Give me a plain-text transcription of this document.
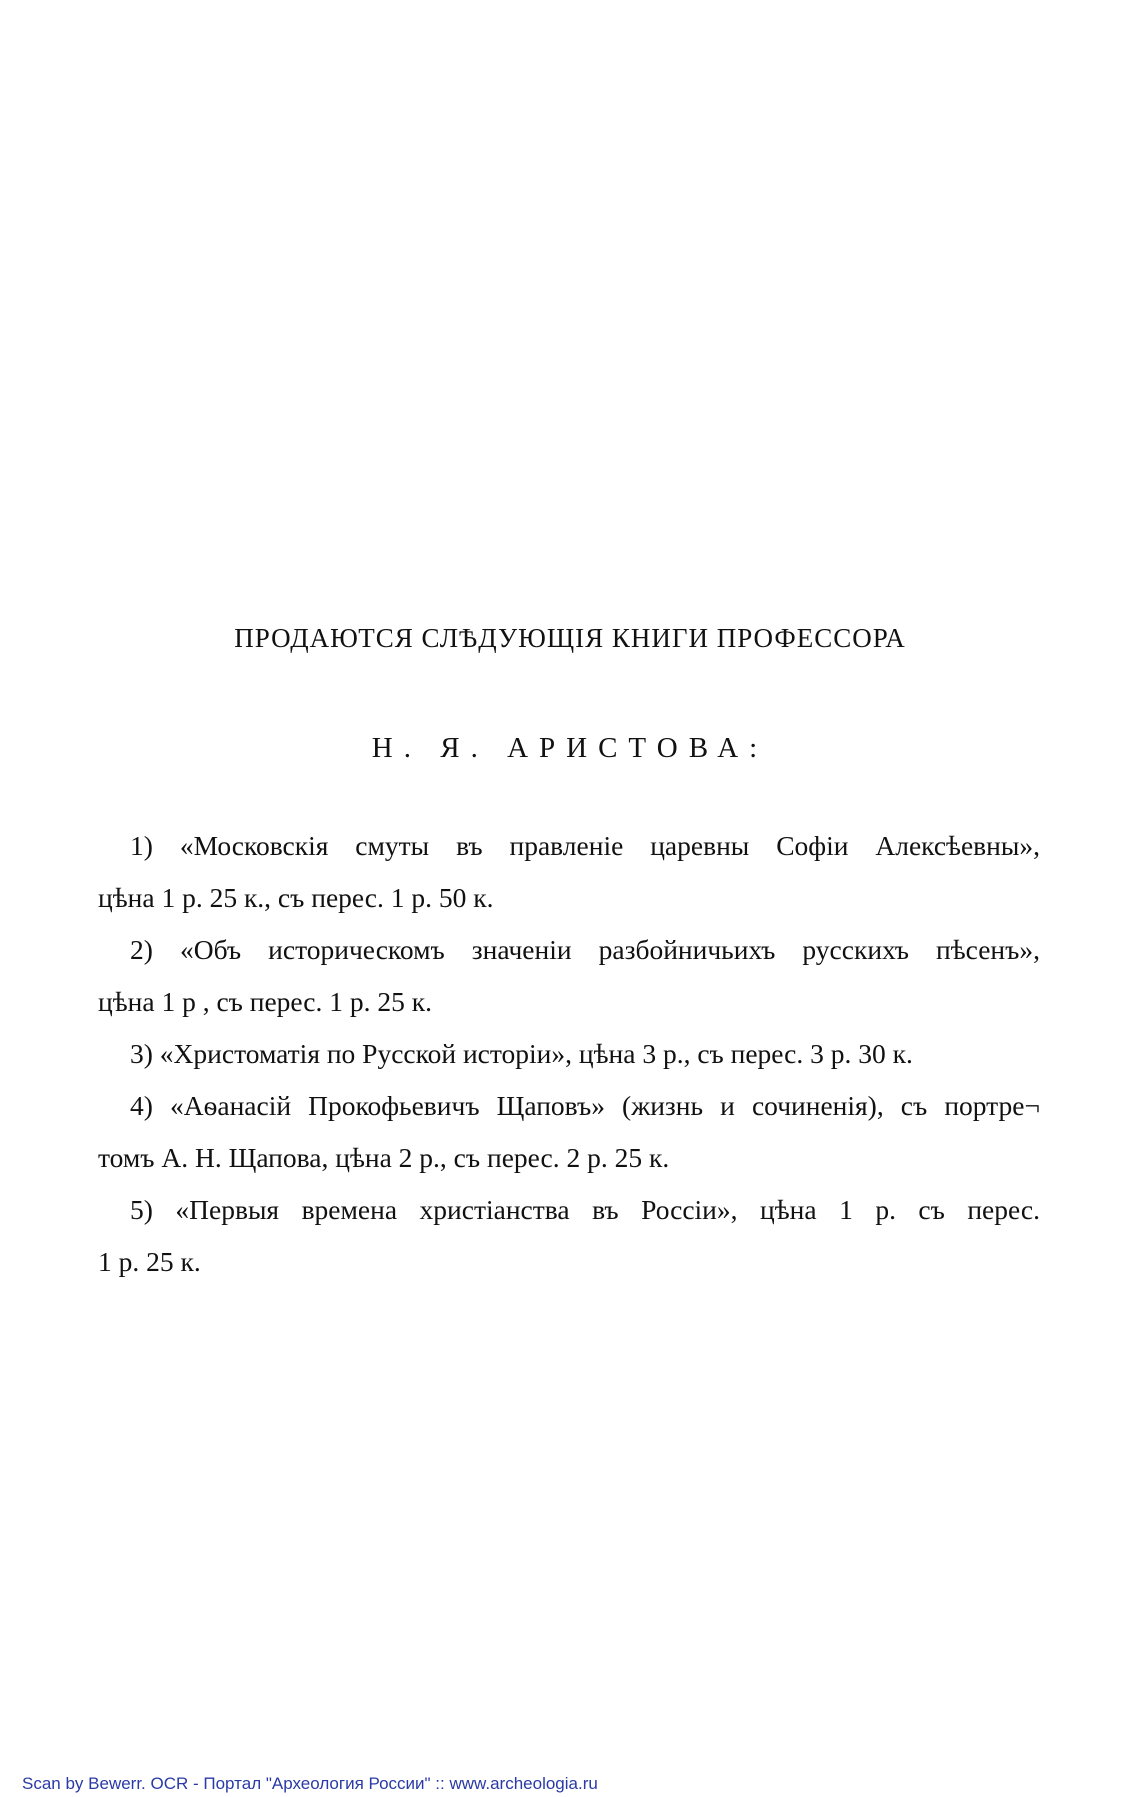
ПРОДАЮТСЯ СЛѢДУЮЩІЯ КНИГИ ПРОФЕССОРА
Н. Я. АРИСТОВА:

1) «Московскія смуты въ правленіе царевны Софіи Алексѣевны»,
цѣна 1 р. 25 к., съ перес. 1 р. 50 к.

2) «Объ историческомъ значеніи разбойничьихъ русскихъ пѣсенъ»,
цѣна 1 р , съ перес. 1 р. 25 к.

3) «Христоматія по Русской исторіи», цѣна 3 р., съ перес. 3 р. 30 к.

4) «Аѳанасій Прокофьевичъ Щаповъ» (жизнь и сочиненія), съ портре¬
томъ А. Н. Щапова, цѣна 2 р., съ перес. 2 р. 25 к.

5) «Первыя времена христіанства въ Россіи», цѣна 1 р. съ перес.
1 р. 25 к.

Scan by Bewerr. OCR - Портал "Археология России" :: www.archeologia.ru
